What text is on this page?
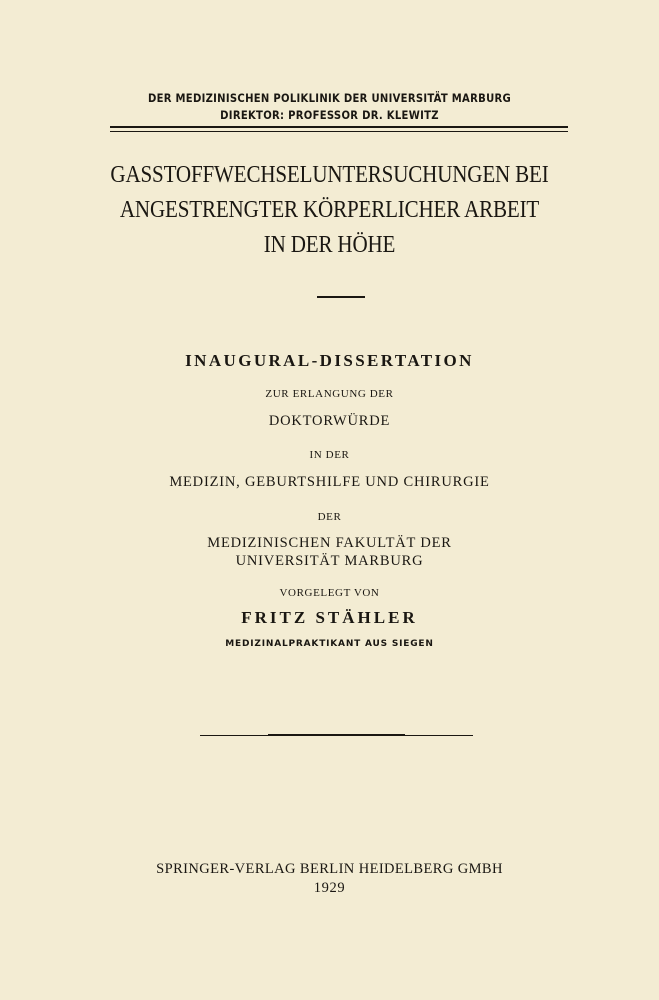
DER MEDIZINISCHEN POLIKLINIK DER UNIVERSITÄT MARBURG
DIREKTOR: PROFESSOR DR. KLEWITZ
GASSTOFFWECHSELUNTERSUCHUNGEN BEI
ANGESTRENGTER KÖRPERLICHER ARBEIT
IN DER HÖHE
INAUGURAL-DISSERTATION
ZUR ERLANGUNG DER
DOKTORWÜRDE
IN DER
MEDIZIN, GEBURTSHILFE UND CHIRURGIE
DER
MEDIZINISCHEN FAKULTÄT DER
UNIVERSITÄT MARBURG
VORGELEGT VON
FRITZ STÄHLER
MEDIZINALPRAKTIKANT AUS SIEGEN
SPRINGER-VERLAG BERLIN HEIDELBERG GMBH
1929
